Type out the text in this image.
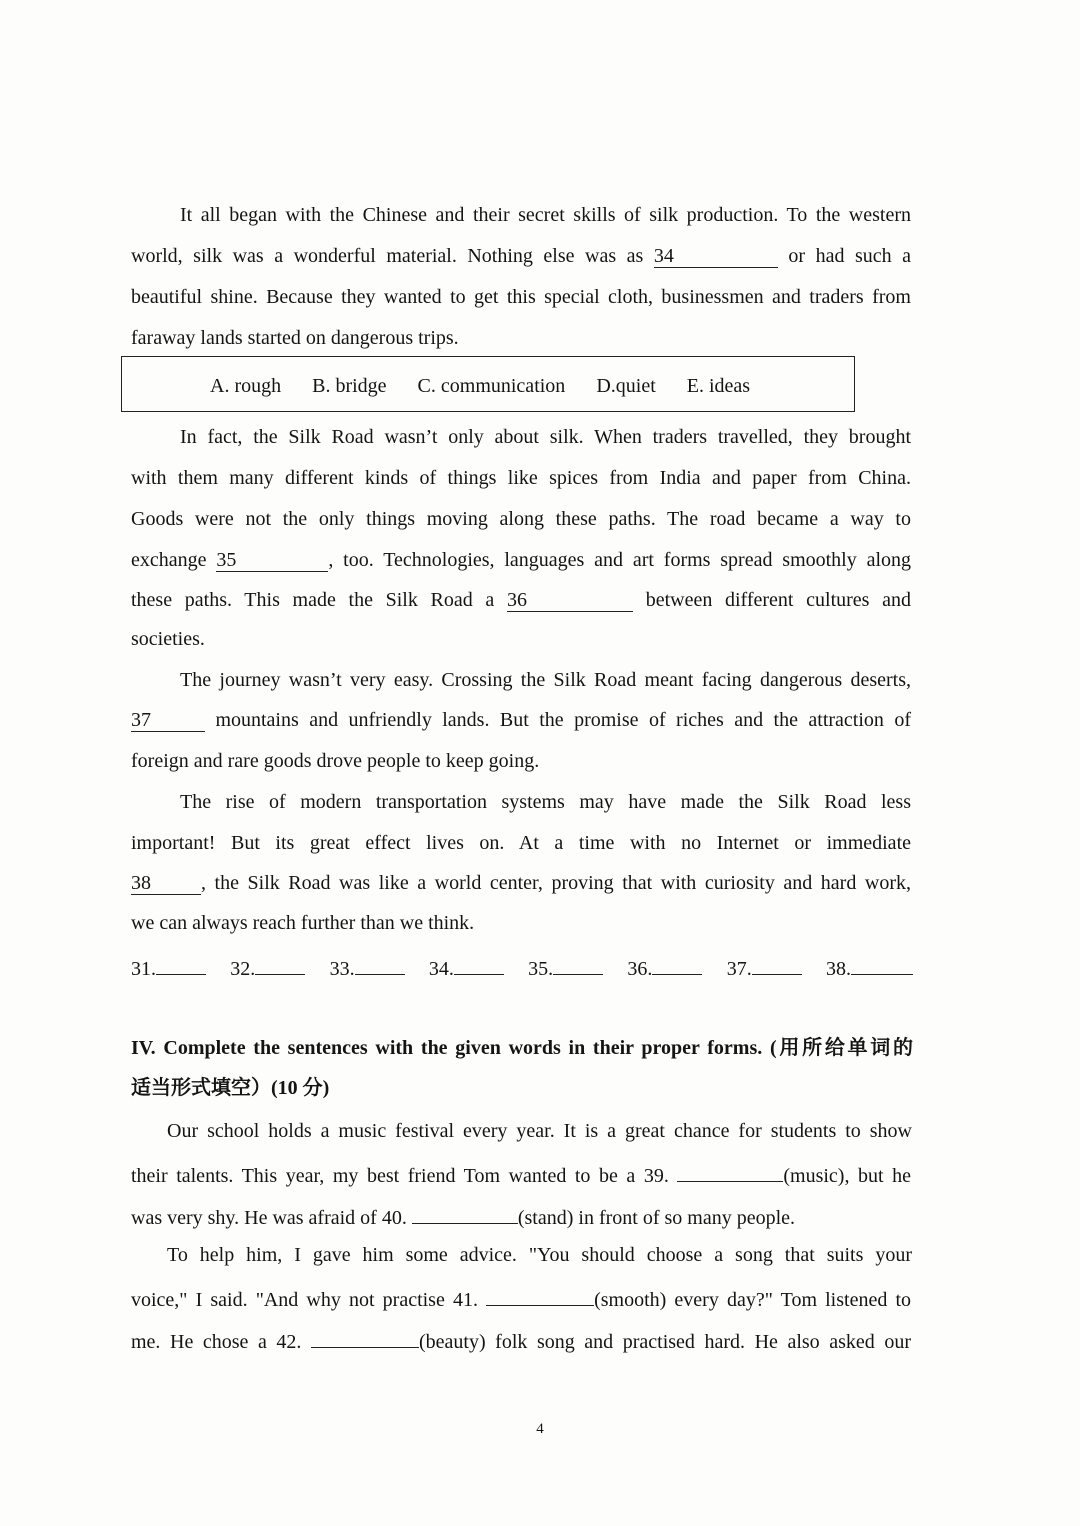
It all began with the Chinese and their secret skills of silk production. To the western
world, silk was a wonderful material. Nothing else was as 34	or had such a
beautiful shine. Because they wanted to get this special cloth, businessmen and traders from
faraway lands started on dangerous trips.
A. rough B. bridge C. communication D.quiet E. ideas
In fact, the Silk Road wasn’t only about silk. When traders travelled, they brought
with them many different kinds of things like spices from India and paper from China.
Goods were not the only things moving along these paths. The road became a way to
exchange 35	, too. Technologies, languages and art forms spread smoothly along
these paths. This made the Silk Road a 36	between different cultures and
societies.
The journey wasn’t very easy. Crossing the Silk Road meant facing dangerous deserts,
37	mountains and unfriendly lands. But the promise of riches and the attraction of
foreign and rare goods drove people to keep going.
The rise of modern transportation systems may have made the Silk Road less
important! But its great effect lives on. At a time with no Internet or immediate
38	, the Silk Road was like a world center, proving that with curiosity and hard work,
we can always reach further than we think.
31.	32.	33.	34.	35.	36.	37.	38.
IV. Complete the sentences with the given words in their proper forms. (用所给单词的
适当形式填空）(10 分)
Our school holds a music festival every year. It is a great chance for students to show
their talents. This year, my best friend Tom wanted to be a 39.	(music), but he
was very shy. He was afraid of 40.	(stand) in front of so many people.
To help him, I gave him some advice. "You should choose a song that suits your
voice," I said. "And why not practise 41.	(smooth) every day?" Tom listened to
me. He chose a 42.	(beauty) folk song and practised hard. He also asked our
4
